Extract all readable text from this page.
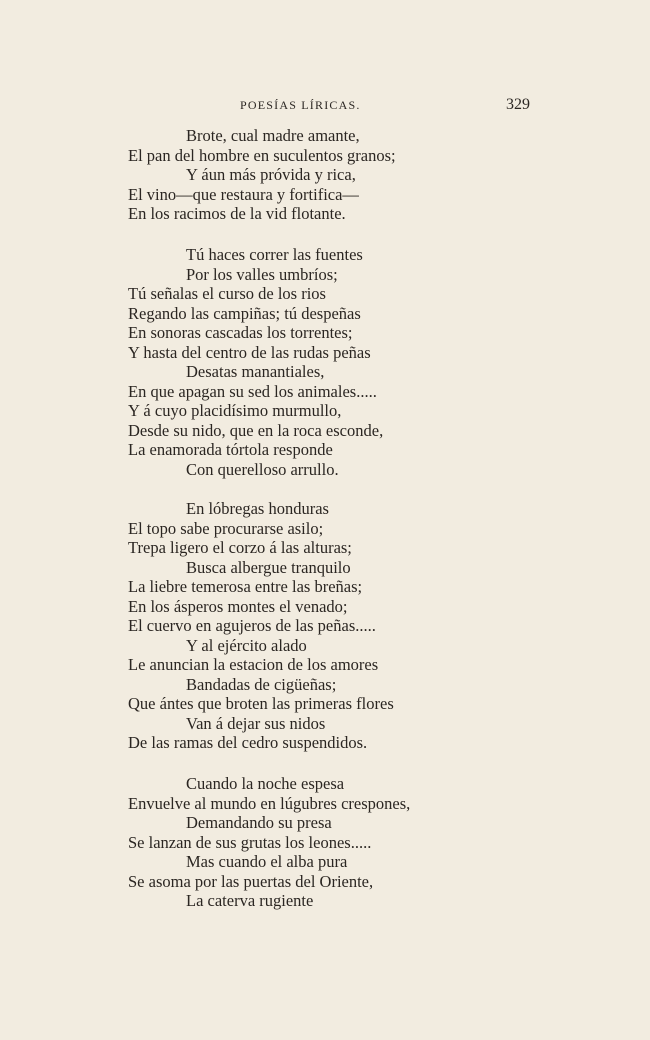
POESÍAS LÍRICAS.	329
Brote, cual madre amante,
El pan del hombre en suculentos granos;
Y áun más próvida y rica,
El vino—que restaura y fortifica—
En los racimos de la vid flotante.
Tú haces correr las fuentes
Por los valles umbríos;
Tú señalas el curso de los rios
Regando las campiñas; tú despeñas
En sonoras cascadas los torrentes;
Y hasta del centro de las rudas peñas
Desatas manantiales,
En que apagan su sed los animales.....
Y á cuyo placidísimo murmullo,
Desde su nido, que en la roca esconde,
La enamorada tórtola responde
Con querelloso arrullo.
En lóbregas honduras
El topo sabe procurarse asilo;
Trepa ligero el corzo á las alturas;
Busca albergue tranquilo
La liebre temerosa entre las breñas;
En los ásperos montes el venado;
El cuervo en agujeros de las peñas.....
Y al ejército alado
Le anuncian la estacion de los amores
Bandadas de cigüeñas;
Que ántes que broten las primeras flores
Van á dejar sus nidos
De las ramas del cedro suspendidos.
Cuando la noche espesa
Envuelve al mundo en lúgubres crespones,
Demandando su presa
Se lanzan de sus grutas los leones.....
Mas cuando el alba pura
Se asoma por las puertas del Oriente,
La caterva rugiente
